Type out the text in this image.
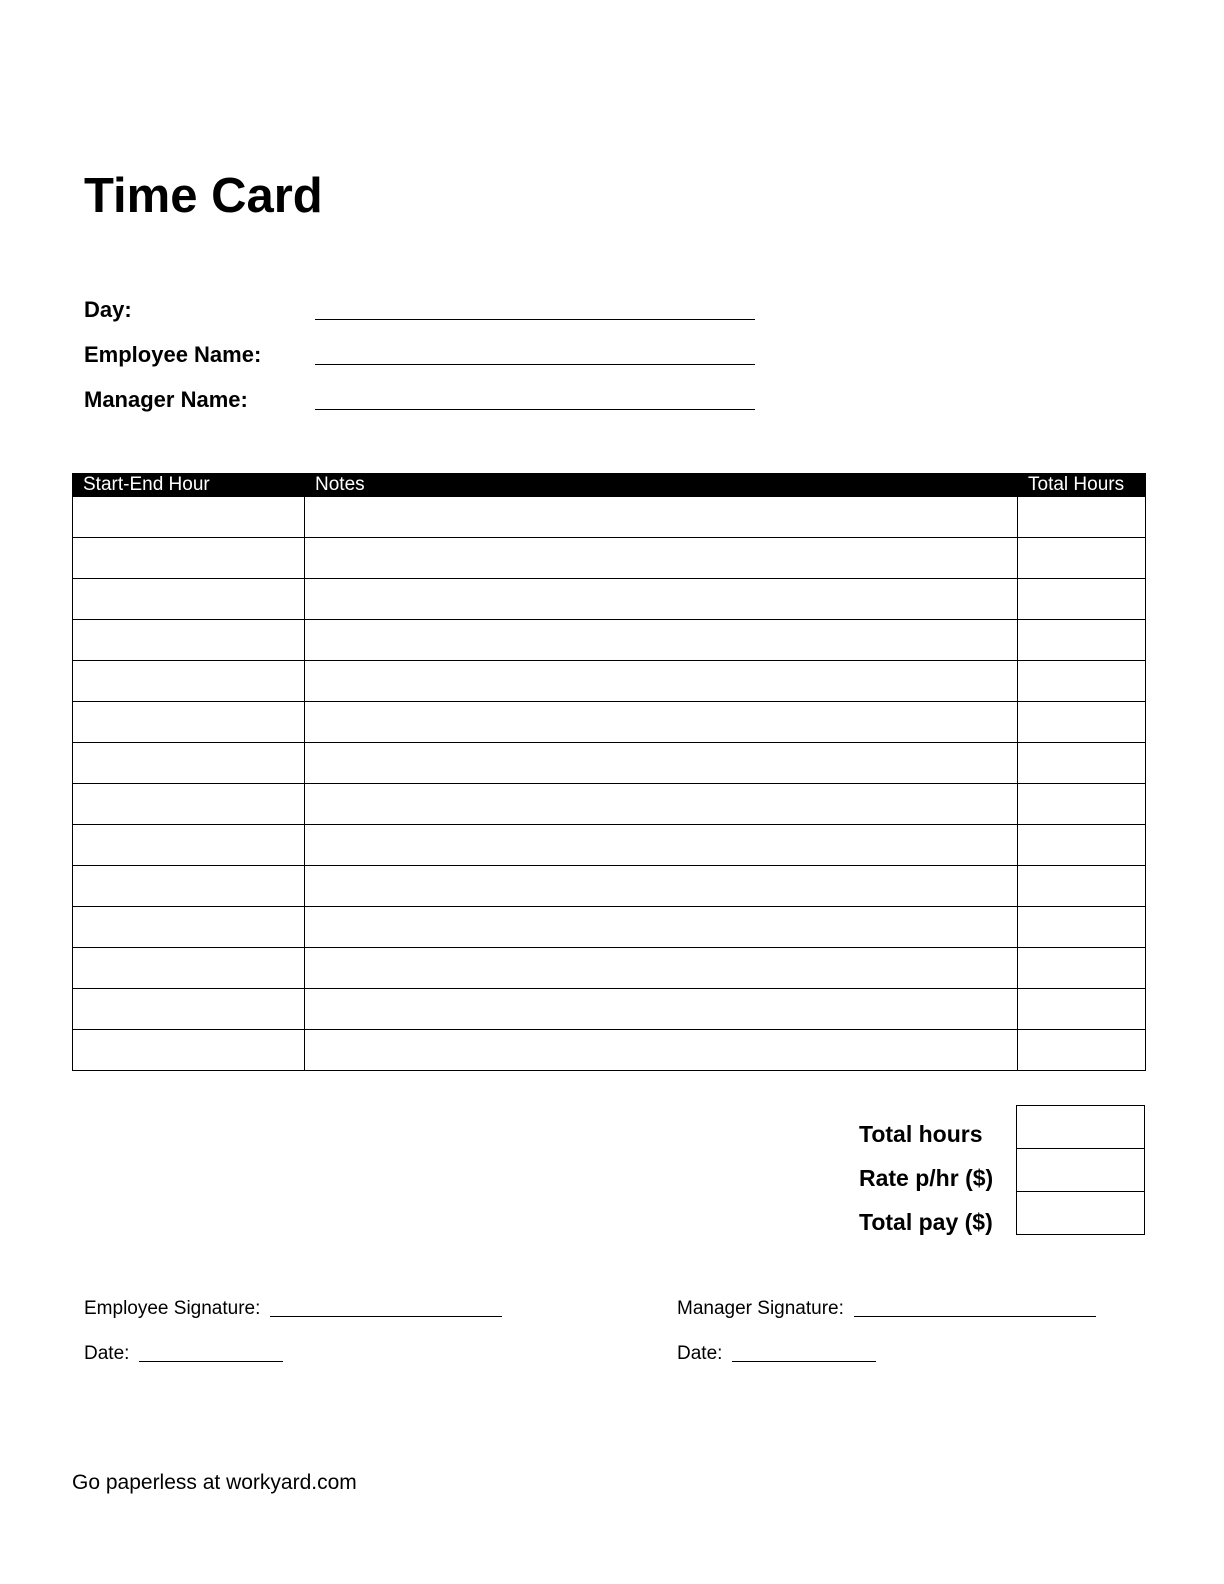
Time Card
Day:
Employee Name:
Manager Name:
Start-End Hour	Notes	Total Hours

Total hours
Rate p/hr ($)
Total pay ($)

Employee Signature:
Date:
Manager Signature:
Date:
Go paperless at workyard.com
